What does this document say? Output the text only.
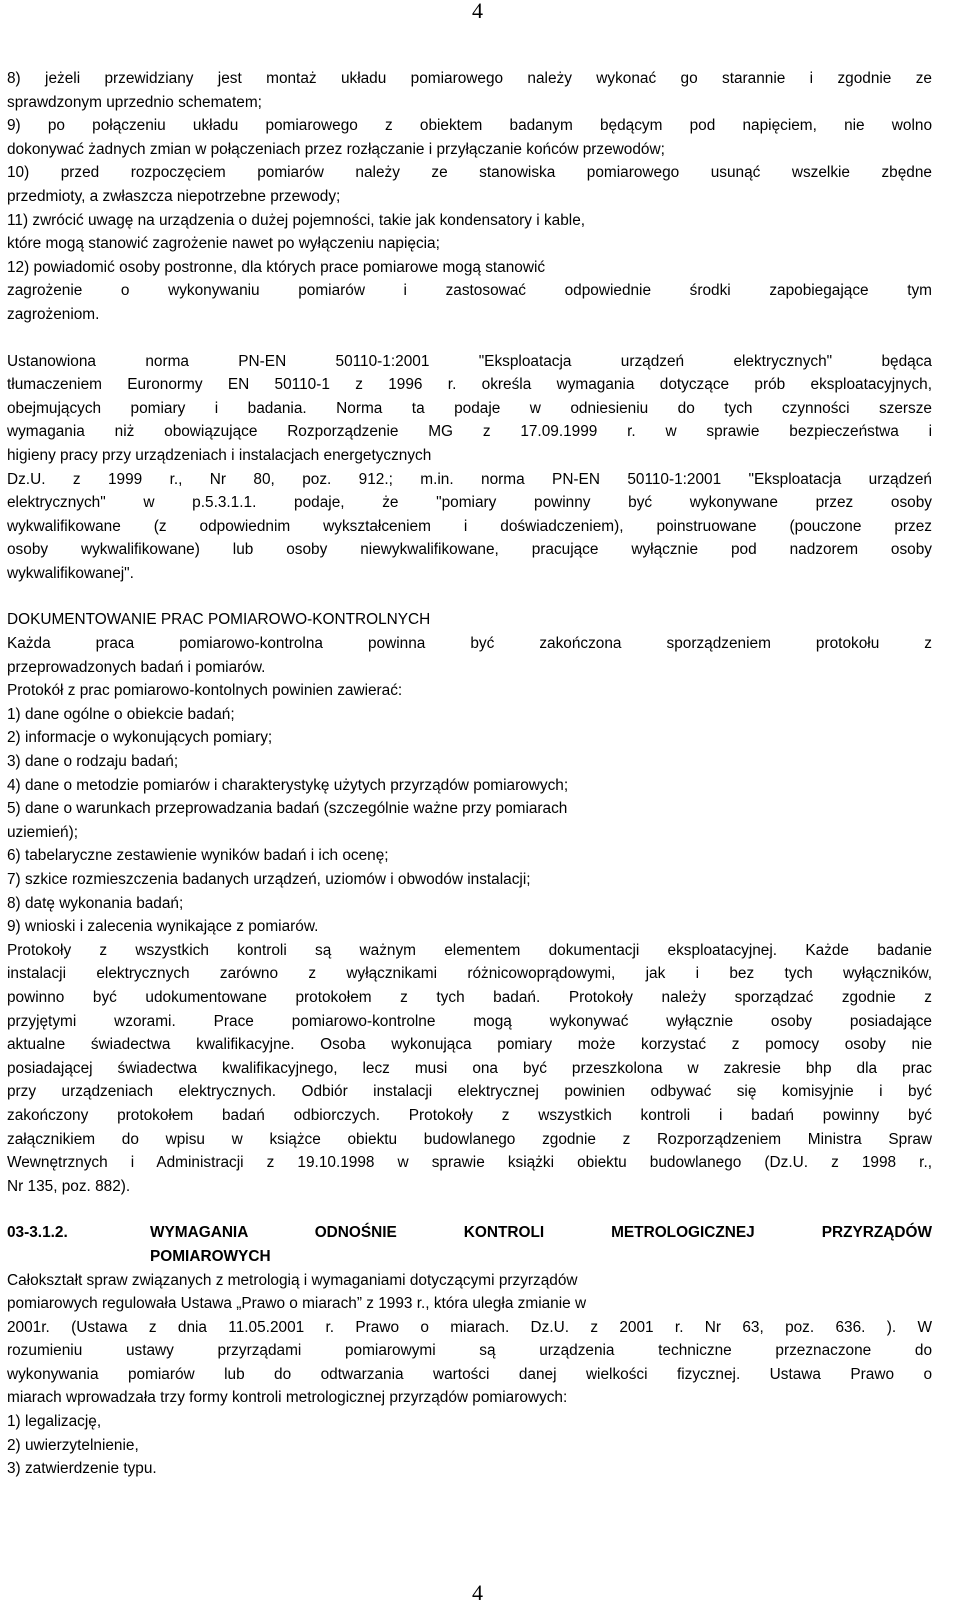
4
8) jeżeli przewidziany jest montaż układu pomiarowego należy wykonać go starannie i zgodnie ze
sprawdzonym uprzednio schematem;
9) po połączeniu układu pomiarowego z obiektem badanym będącym pod napięciem, nie wolno
dokonywać żadnych zmian w połączeniach przez rozłączanie i przyłączanie końców przewodów;
10) przed rozpoczęciem pomiarów należy ze stanowiska pomiarowego usunąć wszelkie zbędne
przedmioty, a zwłaszcza niepotrzebne przewody;
11) zwrócić uwagę na urządzenia o dużej pojemności, takie jak kondensatory i kable,
które mogą stanowić zagrożenie nawet po wyłączeniu napięcia;
12) powiadomić osoby postronne, dla których prace pomiarowe mogą stanowić
zagrożenie o wykonywaniu pomiarów i zastosować odpowiednie środki zapobiegające tym
zagrożeniom.
Ustanowiona norma PN-EN 50110-1:2001 "Eksploatacja urządzeń elektrycznych" będąca
tłumaczeniem Euronormy EN 50110-1 z 1996 r. określa wymagania dotyczące prób eksploatacyjnych,
obejmujących pomiary i badania. Norma ta podaje w odniesieniu do tych czynności szersze
wymagania niż obowiązujące Rozporządzenie MG z 17.09.1999 r. w sprawie bezpieczeństwa i
higieny pracy przy urządzeniach i instalacjach energetycznych
Dz.U. z 1999 r., Nr 80, poz. 912.; m.in. norma PN-EN 50110-1:2001 "Eksploatacja urządzeń
elektrycznych" w p.5.3.1.1. podaje, że "pomiary powinny być wykonywane przez osoby
wykwalifikowane (z odpowiednim wykształceniem i doświadczeniem), poinstruowane (pouczone przez
osoby wykwalifikowane) lub osoby niewykwalifikowane, pracujące wyłącznie pod nadzorem osoby
wykwalifikowanej".
DOKUMENTOWANIE PRAC POMIAROWO-KONTROLNYCH
Każda praca pomiarowo-kontrolna powinna być zakończona sporządzeniem protokołu z
przeprowadzonych badań i pomiarów.
Protokół z prac pomiarowo-kontolnych powinien zawierać:
1) dane ogólne o obiekcie badań;
2) informacje o wykonujących pomiary;
3) dane o rodzaju badań;
4) dane o metodzie pomiarów i charakterystykę użytych przyrządów pomiarowych;
5) dane o warunkach przeprowadzania badań (szczególnie ważne przy pomiarach
uziemień);
6) tabelaryczne zestawienie wyników badań i ich ocenę;
7) szkice rozmieszczenia badanych urządzeń, uziomów i obwodów instalacji;
8) datę wykonania badań;
9) wnioski i zalecenia wynikające z pomiarów.
Protokoły z wszystkich kontroli są ważnym elementem dokumentacji eksploatacyjnej. Każde badanie
instalacji elektrycznych zarówno z wyłącznikami różnicowoprądowymi, jak i bez tych wyłączników,
powinno być udokumentowane protokołem z tych badań. Protokoły należy sporządzać zgodnie z
przyjętymi wzorami. Prace pomiarowo-kontrolne mogą wykonywać wyłącznie osoby posiadające
aktualne świadectwa kwalifikacyjne. Osoba wykonująca pomiary może korzystać z pomocy osoby nie
posiadającej świadectwa kwalifikacyjnego, lecz musi ona być przeszkolona w zakresie bhp dla prac
przy urządzeniach elektrycznych. Odbiór instalacji elektrycznej powinien odbywać się komisyjnie i być
zakończony protokołem badań odbiorczych. Protokoły z wszystkich kontroli i badań powinny być
załącznikiem do wpisu w książce obiektu budowlanego zgodnie z Rozporządzeniem Ministra Spraw
Wewnętrznych i Administracji z 19.10.1998 w sprawie książki obiektu budowlanego (Dz.U. z 1998 r.,
Nr 135, poz. 882).
03-3.1.2.	WYMAGANIA ODNOŚNIE KONTROLI METROLOGICZNEJ PRZYRZĄDÓW
POMIAROWYCH
Całokształt spraw związanych z metrologią i wymaganiami dotyczącymi przyrządów
pomiarowych regulowała Ustawa „Prawo o miarach” z 1993 r., która uległa zmianie w
2001r. (Ustawa z dnia 11.05.2001 r. Prawo o miarach. Dz.U. z 2001 r. Nr 63, poz. 636. ). W
rozumieniu ustawy przyrządami pomiarowymi są urządzenia techniczne przeznaczone do
wykonywania pomiarów lub do odtwarzania wartości danej wielkości fizycznej. Ustawa Prawo o
miarach wprowadzała trzy formy kontroli metrologicznej przyrządów pomiarowych:
1) legalizację,
2) uwierzytelnienie,
3) zatwierdzenie typu.
4
